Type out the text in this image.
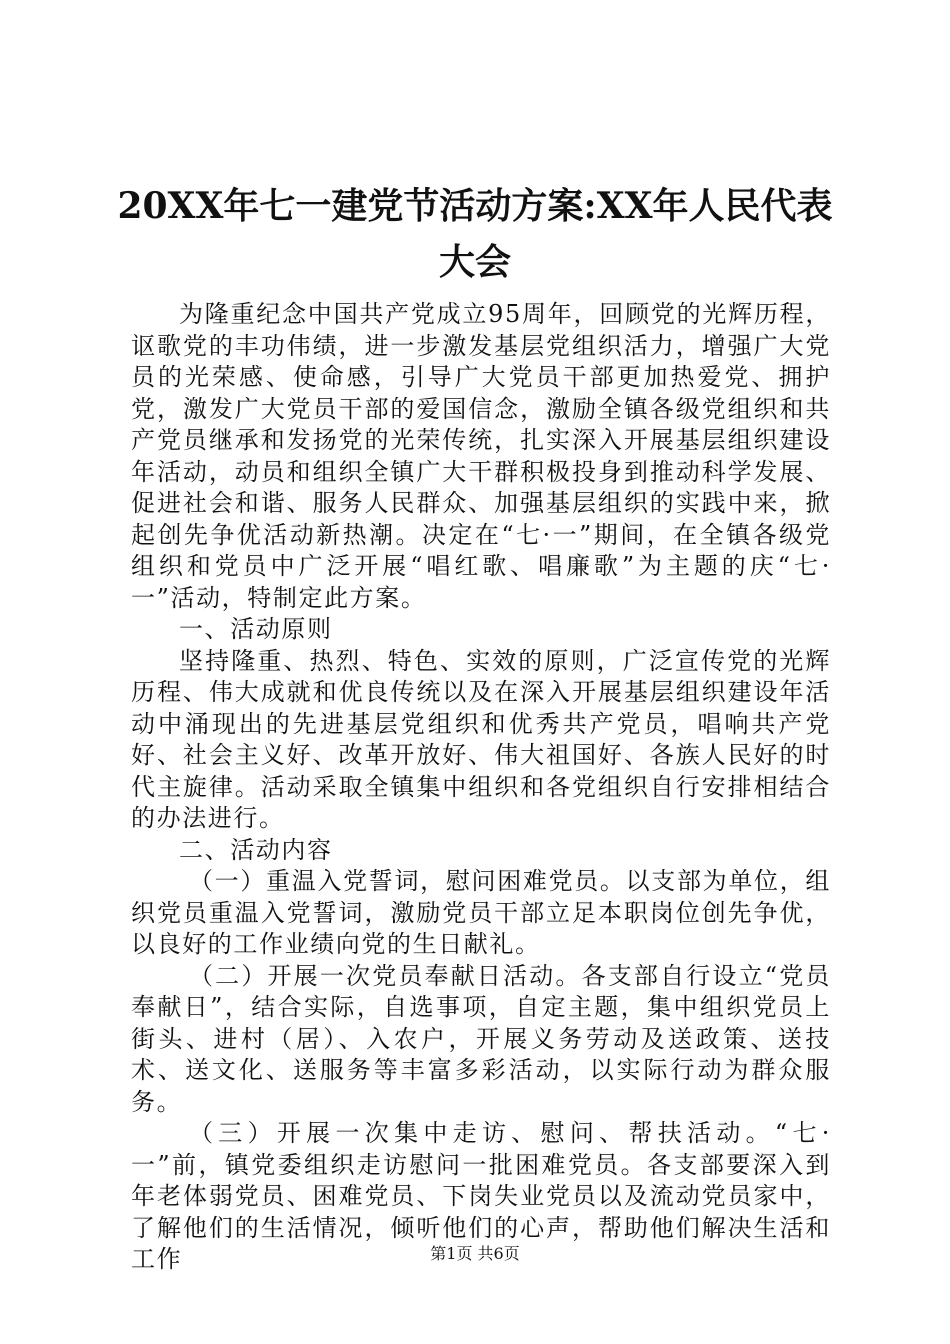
20XX年七一建党节活动方案:XX年人民代表大会

为隆重纪念中国共产党成立95周年，回顾党的光辉历程，讴歌党的丰功伟绩，进一步激发基层党组织活力，增强广大党员的光荣感、使命感，引导广大党员干部更加热爱党、拥护党，激发广大党员干部的爱国信念，激励全镇各级党组织和共产党员继承和发扬党的光荣传统，扎实深入开展基层组织建设年活动，动员和组织全镇广大干群积极投身到推动科学发展、促进社会和谐、服务人民群众、加强基层组织的实践中来，掀起创先争优活动新热潮。决定在“七·一”期间，在全镇各级党组织和党员中广泛开展“唱红歌、唱廉歌”为主题的庆“七·一”活动，特制定此方案。

一、活动原则

坚持隆重、热烈、特色、实效的原则，广泛宣传党的光辉历程、伟大成就和优良传统以及在深入开展基层组织建设年活动中涌现出的先进基层党组织和优秀共产党员，唱响共产党好、社会主义好、改革开放好、伟大祖国好、各族人民好的时代主旋律。活动采取全镇集中组织和各党组织自行安排相结合的办法进行。

二、活动内容

（一）重温入党誓词，慰问困难党员。以支部为单位，组织党员重温入党誓词，激励党员干部立足本职岗位创先争优，以良好的工作业绩向党的生日献礼。

（二）开展一次党员奉献日活动。各支部自行设立“党员奉献日”，结合实际，自选事项，自定主题，集中组织党员上街头、进村（居）、入农户，开展义务劳动及送政策、送技术、送文化、送服务等丰富多彩活动，以实际行动为群众服务。

（三）开展一次集中走访、慰问、帮扶活动。“七·一”前，镇党委组织走访慰问一批困难党员。各支部要深入到年老体弱党员、困难党员、下岗失业党员以及流动党员家中，了解他们的生活情况，倾听他们的心声，帮助他们解决生活和工作	第1页 共6页
